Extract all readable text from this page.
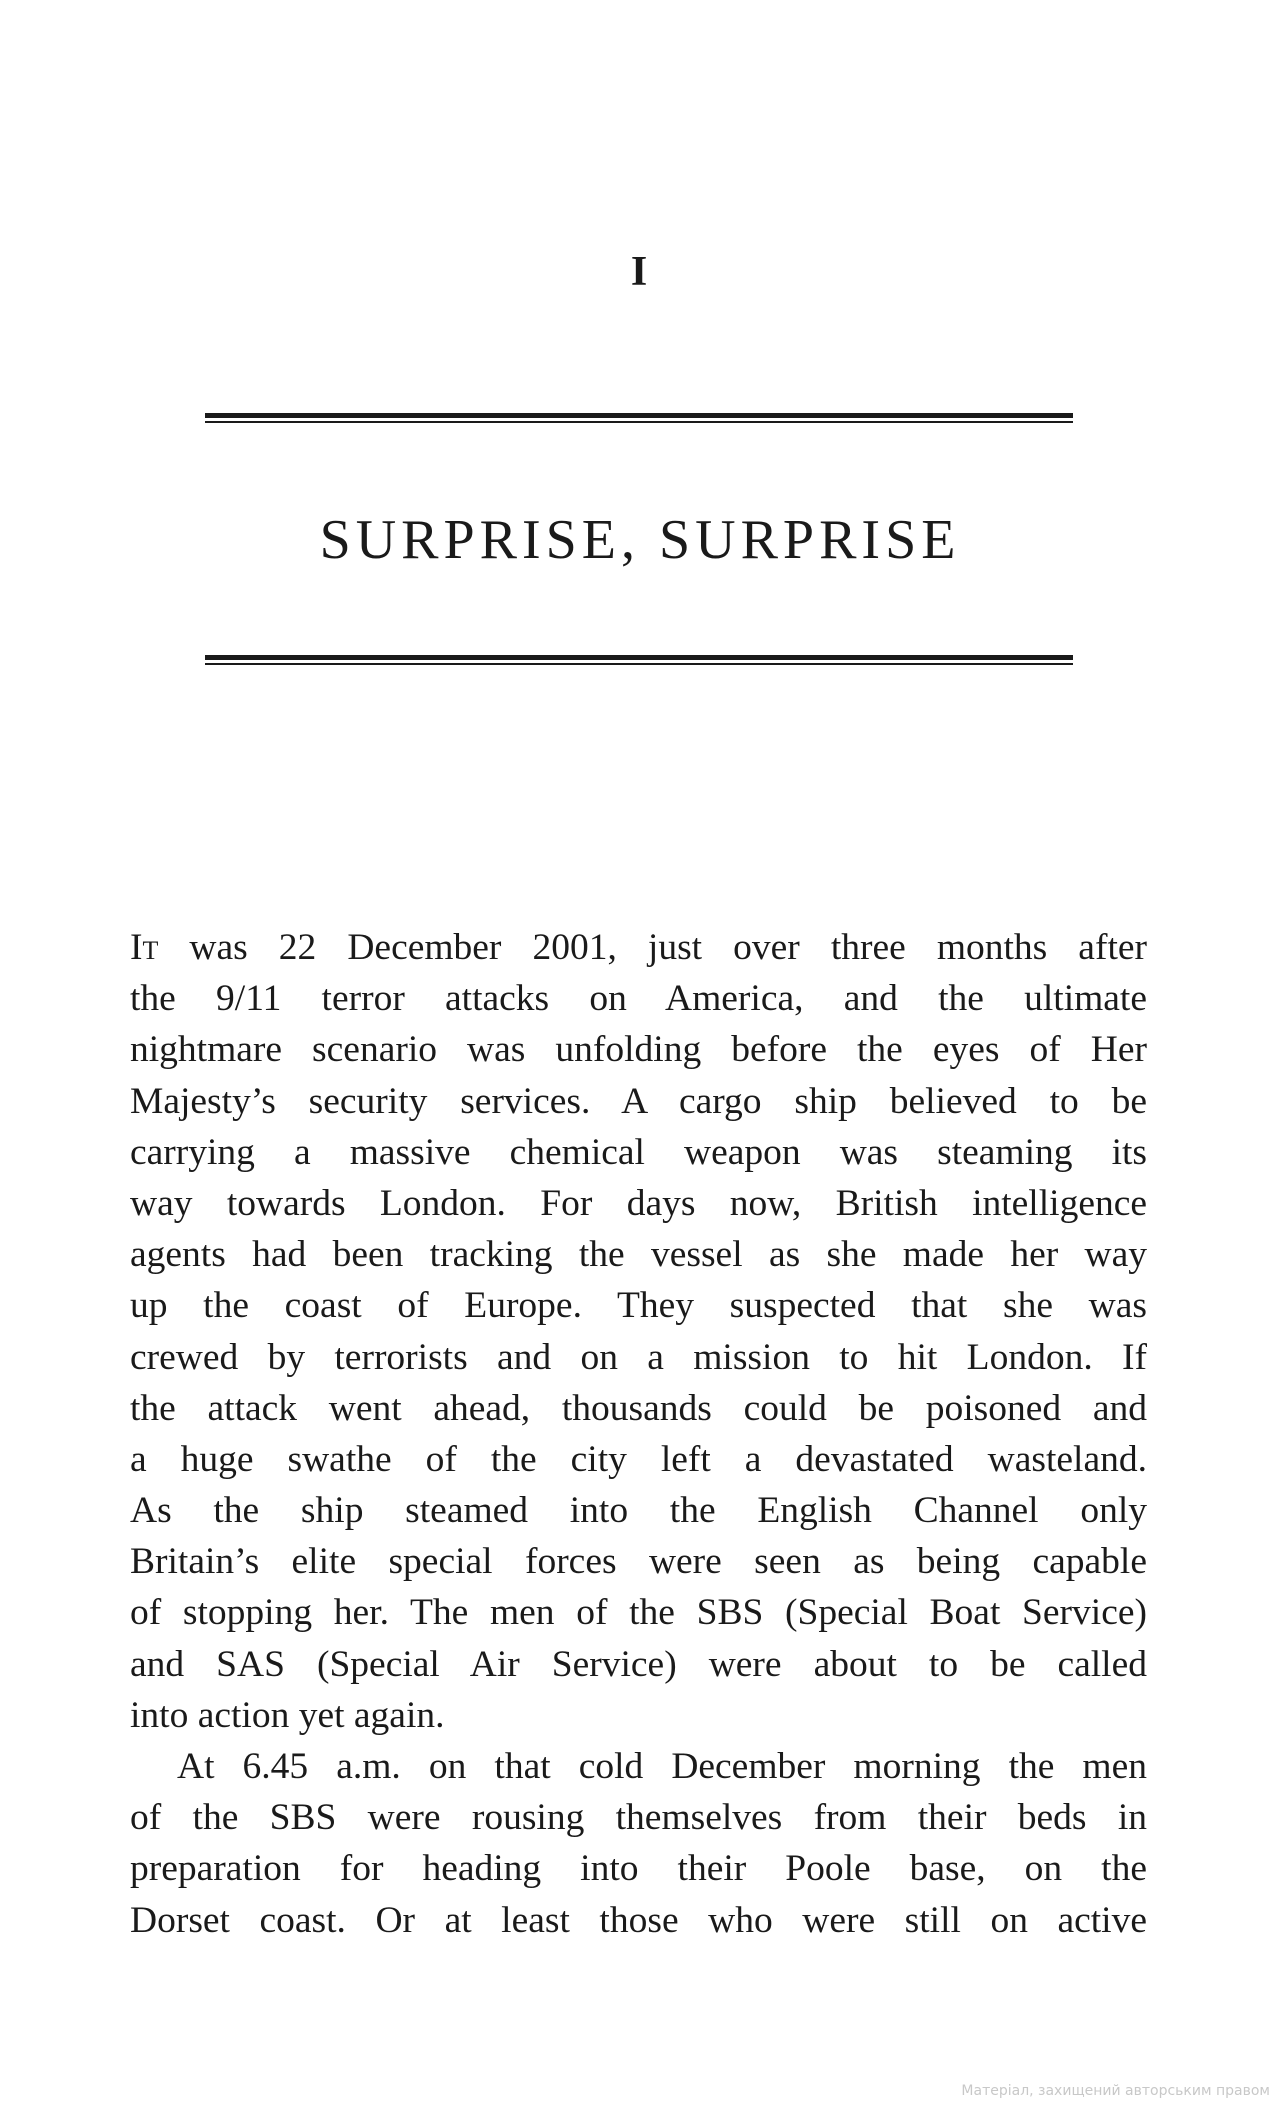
I
SURPRISE, SURPRISE
It was 22 December 2001, just over three months after
the 9/11 terror attacks on America, and the ultimate
nightmare scenario was unfolding before the eyes of Her
Majesty’s security services. A cargo ship believed to be
carrying a massive chemical weapon was steaming its
way towards London. For days now, British intelligence
agents had been tracking the vessel as she made her way
up the coast of Europe. They suspected that she was
crewed by terrorists and on a mission to hit London. If
the attack went ahead, thousands could be poisoned and
a huge swathe of the city left a devastated wasteland.
As the ship steamed into the English Channel only
Britain’s elite special forces were seen as being capable
of stopping her. The men of the SBS (Special Boat Service)
and SAS (Special Air Service) were about to be called
into action yet again.
At 6.45 a.m. on that cold December morning the men
of the SBS were rousing themselves from their beds in
preparation for heading into their Poole base, on the
Dorset coast. Or at least those who were still on active
Матеріал, захищений авторським правом
